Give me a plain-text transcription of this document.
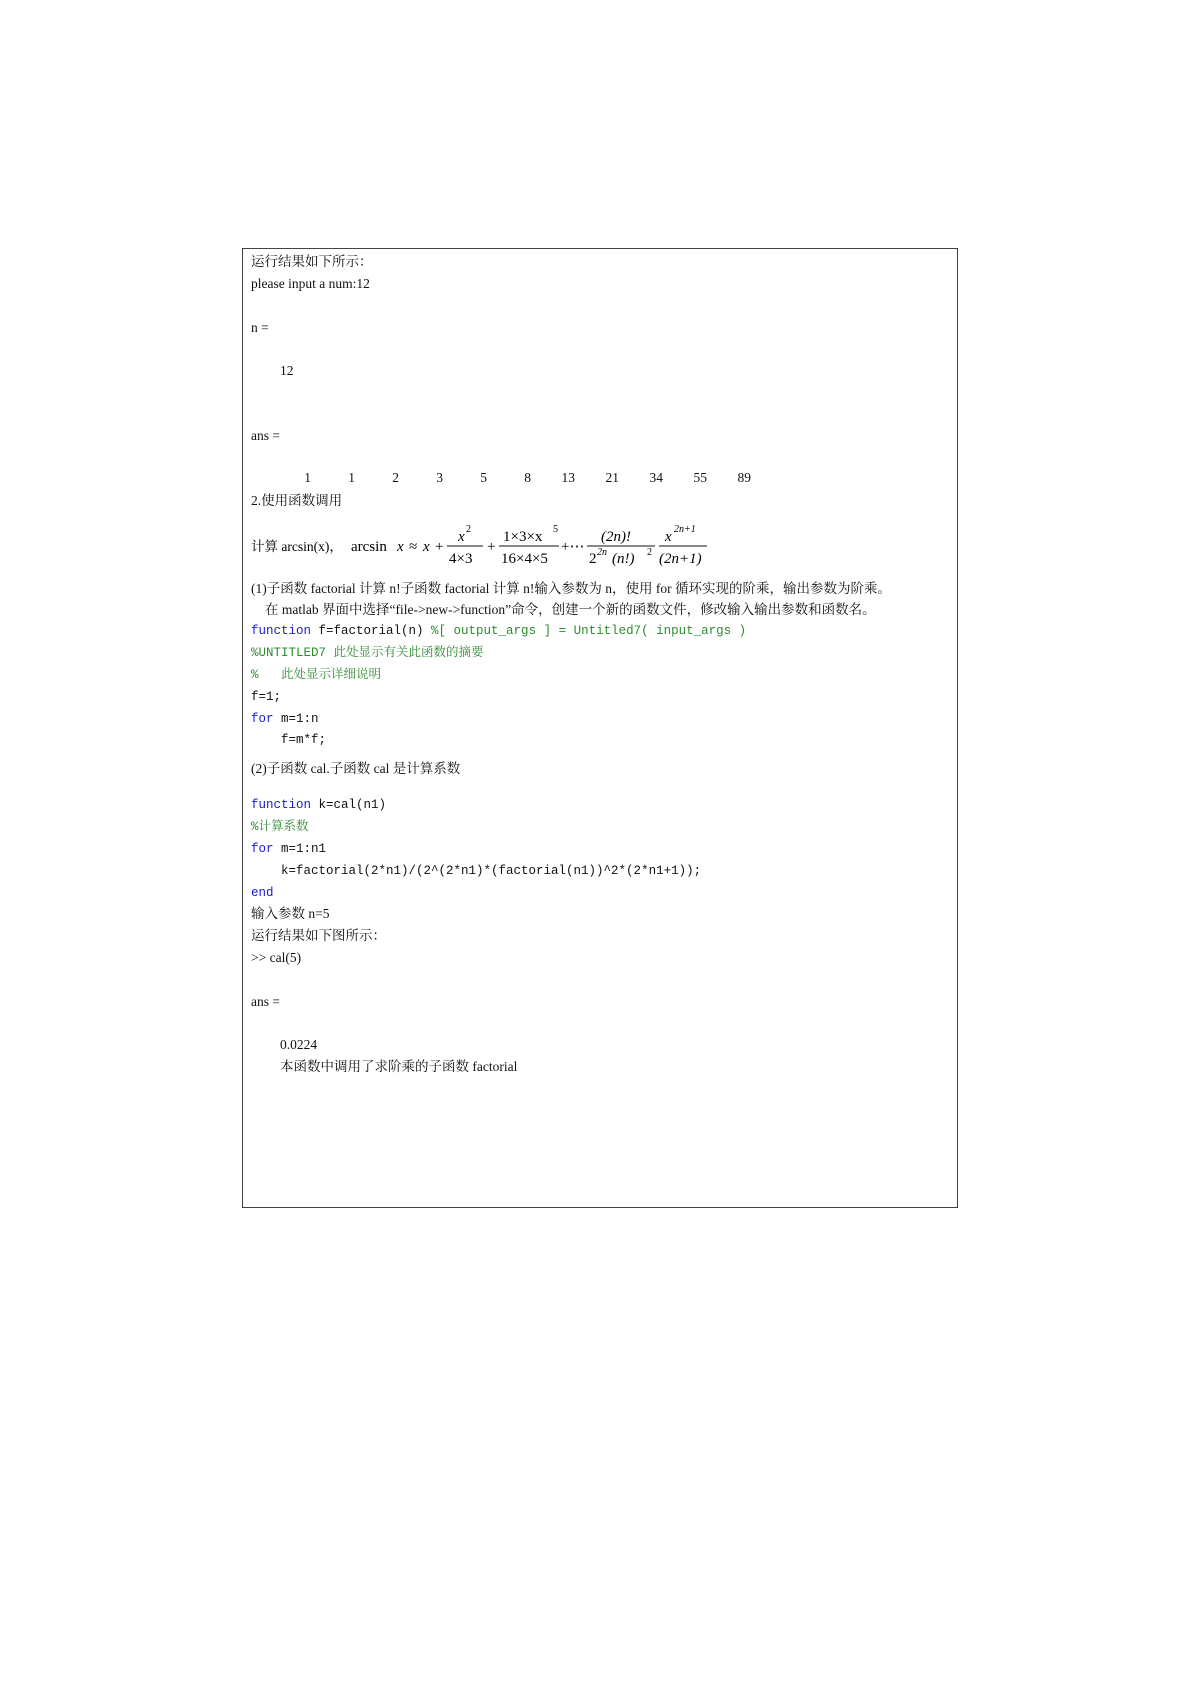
运行结果如下所示：
please input a num:12
n =
12
ans =
1	1	2	3	5	8	13	21	34	55	89
2.使用函数调用
计算 arcsin(x)， arcsin x ≈ x +
x 2
4×3
+
1×3×x 5
16×4×5
+⋯
(2n)!
2 2n (n!) 2
x 2n+1
(2n+1)
(1)子函数 factorial 计算 n!子函数 factorial 计算 n!输入参数为 n，使用 for 循环实现的阶乘，输出参数为阶乘。
在 matlab 界面中选择“file->new->function”命令，创建一个新的函数文件，修改输入输出参数和函数名。
function f=factorial(n) %[ output_args ] = Untitled7( input_args )
%UNTITLED7 此处显示有关此函数的摘要
%   此处显示详细说明
f=1;
for m=1:n
f=m*f;
(2)子函数 cal.子函数 cal 是计算系数
function k=cal(n1)
%计算系数
for m=1:n1
k=factorial(2*n1)/(2^(2*n1)*(factorial(n1))^2*(2*n1+1));
end
输入参数 n=5
运行结果如下图所示：
>> cal(5)
ans =
0.0224
本函数中调用了求阶乘的子函数 factorial
